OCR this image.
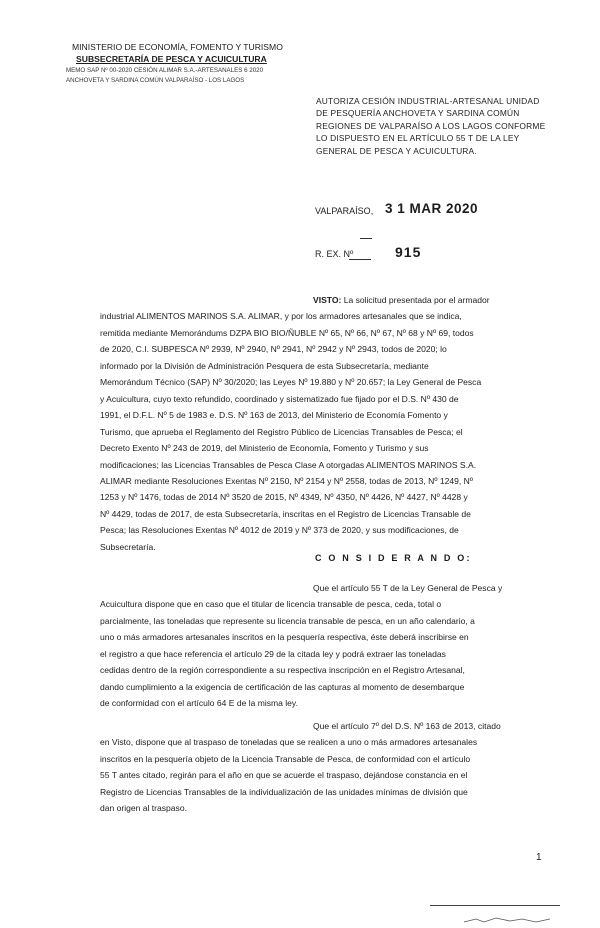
MINISTERIO DE ECONOMÍA, FOMENTO Y TURISMO
SUBSECRETARÍA DE PESCA Y ACUICULTURA
MEMO SAP Nº 00-2020 CESIÓN ALIMAR S.A.-ARTESANALES 6 2020
ANCHOVETA Y SARDINA COMÚN VALPARAÍSO - LOS LAGOS
AUTORIZA CESIÓN INDUSTRIAL-ARTESANAL UNIDAD
DE PESQUERÍA ANCHOVETA Y SARDINA COMÚN
REGIONES DE VALPARAÍSO A LOS LAGOS CONFORME
LO DISPUESTO EN EL ARTÍCULO 55 T DE LA LEY
GENERAL DE PESCA Y ACUICULTURA.
VALPARAÍSO, 3 1 MAR 2020
R. EX. Nº	915
VISTO: La solicitud presentada por el armador
industrial ALIMENTOS MARINOS S.A. ALIMAR, y por los armadores artesanales que se indica,
remitida mediante Memorándums DZPA BIO BIO/ÑUBLE Nº 65, Nº 66, Nº 67, Nº 68 y Nº 69, todos
de 2020, C.I. SUBPESCA Nº 2939, Nº 2940, Nº 2941, Nº 2942 y Nº 2943, todos de 2020; lo
informado por la División de Administración Pesquera de esta Subsecretaría, mediante
Memorándum Técnico (SAP) Nº 30/2020; las Leyes Nº 19.880 y Nº 20.657; la Ley General de Pesca
y Acuicultura, cuyo texto refundido, coordinado y sistematizado fue fijado por el D.S. Nº 430 de
1991, el D.F.L. Nº 5 de 1983 e. D.S. Nº 163 de 2013, del Ministerio de Economía Fomento y
Turismo, que aprueba el Reglamento del Registro Público de Licencias Transables de Pesca; el
Decreto Exento Nº 243 de 2019, del Ministerio de Economía, Fomento y Turismo y sus
modificaciones; las Licencias Transables de Pesca Clase A otorgadas ALIMENTOS MARINOS S.A.
ALIMAR mediante Resoluciones Exentas Nº 2150, Nº 2154 y Nº 2558, todas de 2013, Nº 1249, Nº
1253 y Nº 1476, todas de 2014 Nº 3520 de 2015, Nº 4349, Nº 4350, Nº 4426, Nº 4427, Nº 4428 y
Nº 4429, todas de 2017, de esta Subsecretaría, inscritas en el Registro de Licencias Transable de
Pesca; las Resoluciones Exentas Nº 4012 de 2019 y Nº 373 de 2020, y sus modificaciones, de
Subsecretaría.
C O N S I D E R A N D O:
Que el artículo 55 T de la Ley General de Pesca y
Acuicultura dispone que en caso que el titular de licencia transable de pesca, ceda, total o
parcialmente, las toneladas que represente su licencia transable de pesca, en un año calendario, a
uno o más armadores artesanales inscritos en la pesquería respectiva, éste deberá inscribirse en
el registro a que hace referencia el artículo 29 de la citada ley y podrá extraer las toneladas
cedidas dentro de la región correspondiente a su respectiva inscripción en el Registro Artesanal,
dando cumplimiento a la exigencia de certificación de las capturas al momento de desembarque
de conformidad con el artículo 64 E de la misma ley.
Que el artículo 7º del D.S. Nº 163 de 2013, citado
en Visto, dispone que al traspaso de toneladas que se realicen a uno o más armadores artesanales
inscritos en la pesquería objeto de la Licencia Transable de Pesca, de conformidad con el artículo
55 T antes citado, regirán para el año en que se acuerde el traspaso, dejándose constancia en el
Registro de Licencias Transables de la individualización de las unidades mínimas de división que
dan origen al traspaso.
1
